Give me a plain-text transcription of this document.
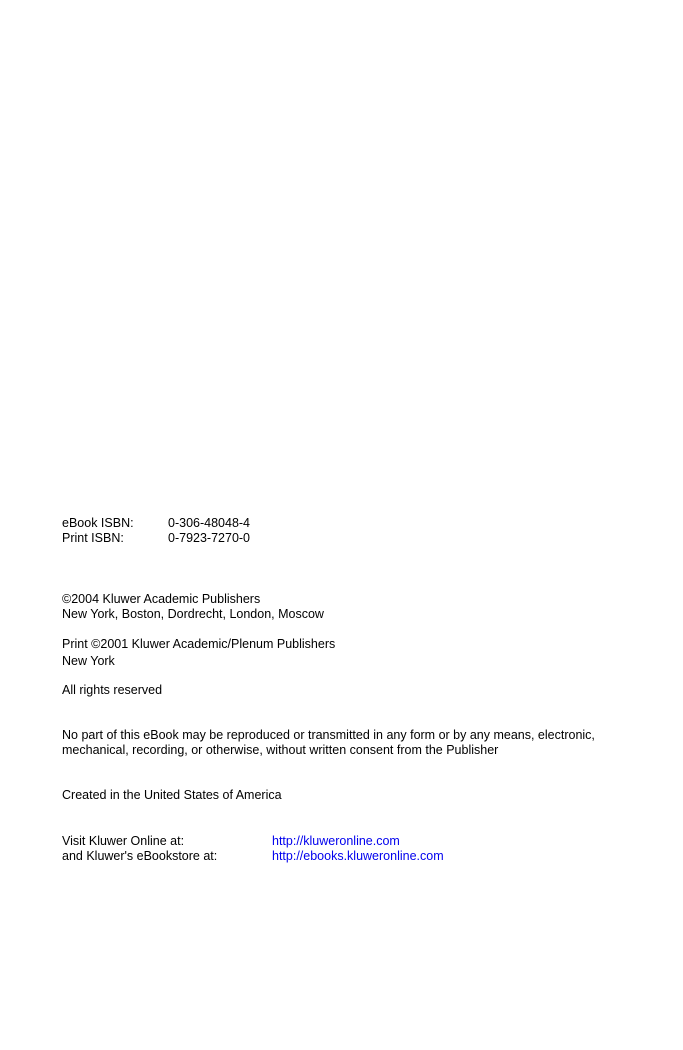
eBook ISBN:	0-306-48048-4
Print ISBN:	0-7923-7270-0
©2004 Kluwer Academic Publishers
New York, Boston, Dordrecht, London, Moscow
Print ©2001 Kluwer Academic/Plenum Publishers
New York
All rights reserved
No part of this eBook may be reproduced or transmitted in any form or by any means, electronic,
mechanical, recording, or otherwise, without written consent from the Publisher
Created in the United States of America
Visit Kluwer Online at:	http://kluweronline.com
and Kluwer's eBookstore at:	http://ebooks.kluweronline.com
